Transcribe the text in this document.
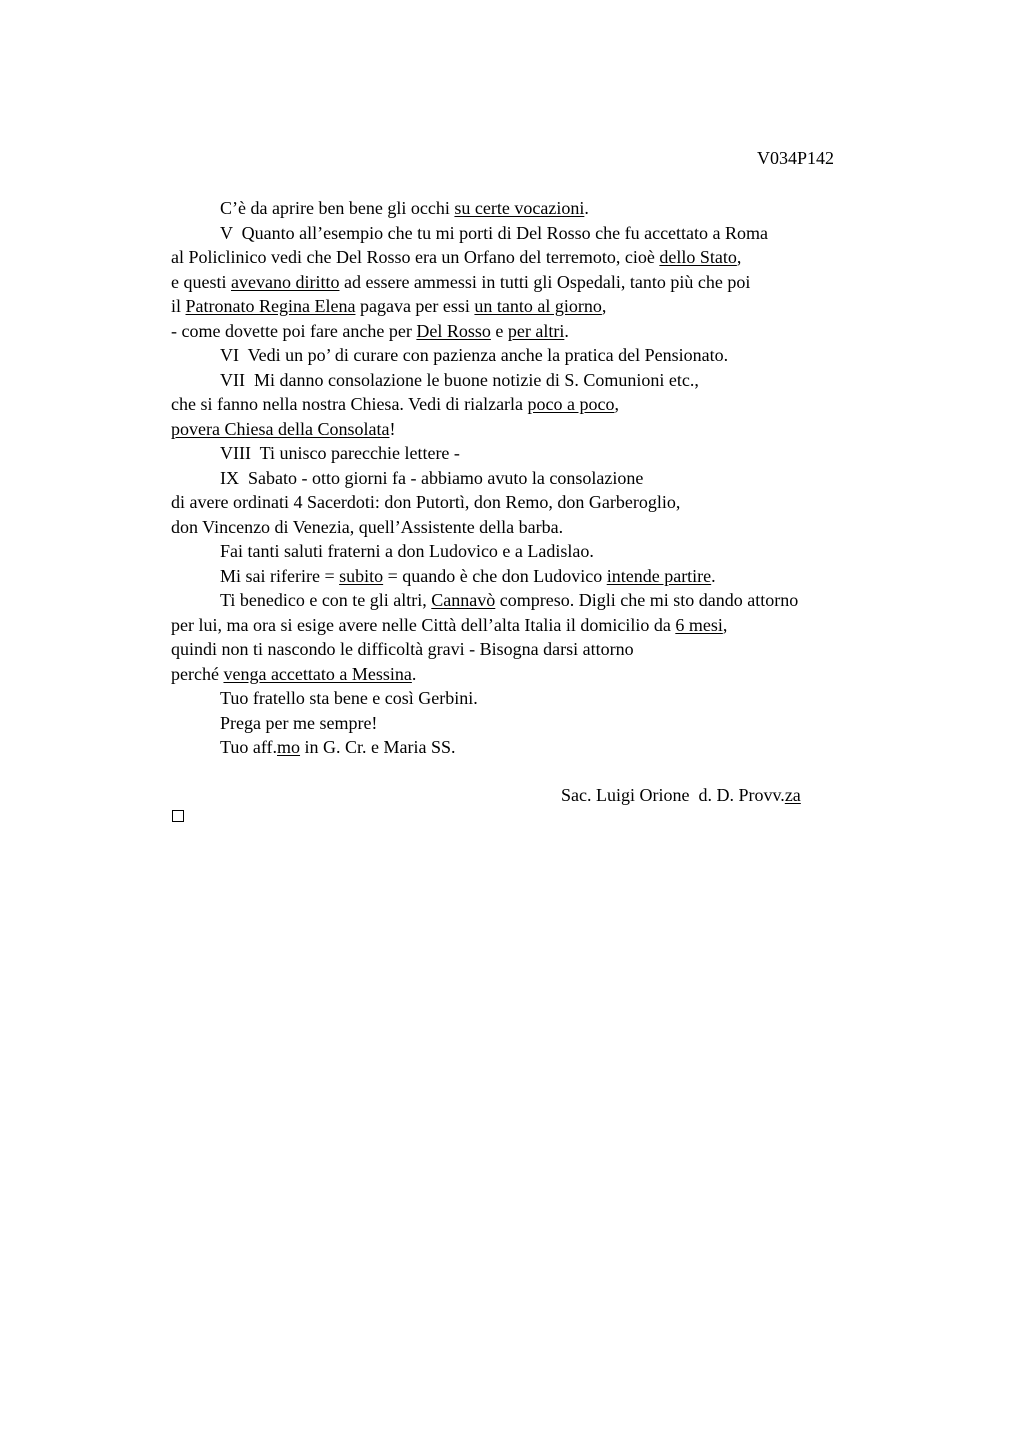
V034P142
C’è da aprire ben bene gli occhi su certe vocazioni.
V  Quanto all’esempio che tu mi porti di Del Rosso che fu accettato a Roma
al Policlinico vedi che Del Rosso era un Orfano del terremoto, cioè dello Stato,
e questi avevano diritto ad essere ammessi in tutti gli Ospedali, tanto più che poi
il Patronato Regina Elena pagava per essi un tanto al giorno,
- come dovette poi fare anche per Del Rosso e per altri.
VI  Vedi un po’ di curare con pazienza anche la pratica del Pensionato.
VII  Mi danno consolazione le buone notizie di S. Comunioni etc.,
che si fanno nella nostra Chiesa. Vedi di rialzarla poco a poco,
povera Chiesa della Consolata!
VIII  Ti unisco parecchie lettere -
IX  Sabato - otto giorni fa - abbiamo avuto la consolazione
di avere ordinati 4 Sacerdoti: don Putortì, don Remo, don Garberoglio,
don Vincenzo di Venezia, quell’Assistente della barba.
Fai tanti saluti fraterni a don Ludovico e a Ladislao.
Mi sai riferire = subito = quando è che don Ludovico intende partire.
Ti benedico e con te gli altri, Cannavò compreso. Digli che mi sto dando attorno
per lui, ma ora si esige avere nelle Città dell’alta Italia il domicilio da 6 mesi,
quindi non ti nascondo le difficoltà gravi - Bisogna darsi attorno
perché venga accettato a Messina.
Tuo fratello sta bene e così Gerbini.
Prega per me sempre!
Tuo aff.mo in G. Cr. e Maria SS.
Sac. Luigi Orione  d. D. Provv.za
